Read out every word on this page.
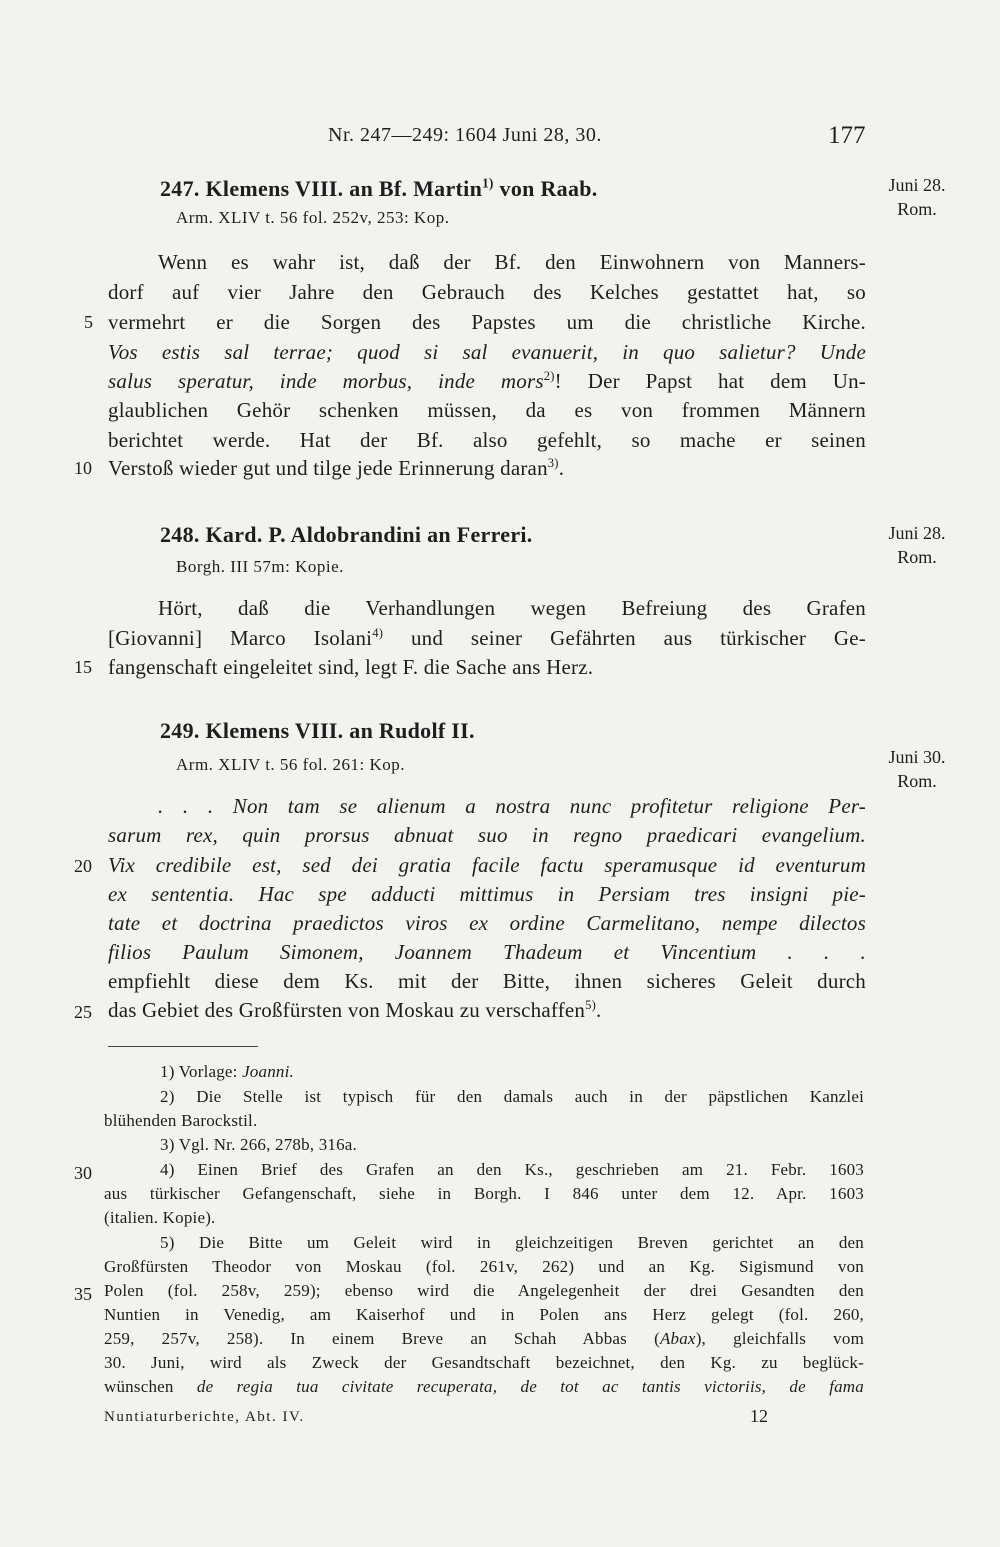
Nr. 247—249: 1604 Juni 28, 30.	177
247. Klemens VIII. an Bf. Martin$^{1)}$ von Raab.
Arm. XLIV t. 56 fol. 252v, 253: Kop.
Juni 28.
Rom.
Wenn es wahr ist, daß der Bf. den Einwohnern von Manners-
dorf auf vier Jahre den Gebrauch des Kelches gestattet hat, so
vermehrt er die Sorgen des Papstes um die christliche Kirche.
Vos estis sal terrae; quod si sal evanuerit, in quo salietur? Unde
salus speratur, inde morbus, inde mors$^{2)}$! Der Papst hat dem Un-
glaublichen Gehör schenken müssen, da es von frommen Männern
berichtet werde. Hat der Bf. also gefehlt, so mache er seinen
Verstoß wieder gut und tilge jede Erinnerung daran$^{3)}$.
248. Kard. P. Aldobrandini an Ferreri.
Borgh. III 57m: Kopie.
Juni 28.
Rom.
Hört, daß die Verhandlungen wegen Befreiung des Grafen
[Giovanni] Marco Isolani$^{4)}$ und seiner Gefährten aus türkischer Ge-
fangenschaft eingeleitet sind, legt F. die Sache ans Herz.
249. Klemens VIII. an Rudolf II.
Arm. XLIV t. 56 fol. 261: Kop.	Juni 30.
Rom.
. . . Non tam se alienum a nostra nunc profitetur religione Per-
sarum rex, quin prorsus abnuat suo in regno praedicari evangelium.
Vix credibile est, sed dei gratia facile factu speramusque id eventurum
ex sententia. Hac spe adducti mittimus in Persiam tres insigni pie-
tate et doctrina praedictos viros ex ordine Carmelitano, nempe dilectos
filios Paulum Simonem, Joannem Thadeum et Vincentium . . .
empfiehlt diese dem Ks. mit der Bitte, ihnen sicheres Geleit durch
das Gebiet des Großfürsten von Moskau zu verschaffen$^{5)}$.
5
10
15
20
25
30
35
1) Vorlage: Joanni.
2) Die Stelle ist typisch für den damals auch in der päpstlichen Kanzlei
blühenden Barockstil.
3) Vgl. Nr. 266, 278b, 316a.
4) Einen Brief des Grafen an den Ks., geschrieben am 21. Febr. 1603
aus türkischer Gefangenschaft, siehe in Borgh. I 846 unter dem 12. Apr. 1603
(italien. Kopie).
5) Die Bitte um Geleit wird in gleichzeitigen Breven gerichtet an den
Großfürsten Theodor von Moskau (fol. 261v, 262) und an Kg. Sigismund von
Polen (fol. 258v, 259); ebenso wird die Angelegenheit der drei Gesandten den
Nuntien in Venedig, am Kaiserhof und in Polen ans Herz gelegt (fol. 260,
259, 257v, 258). In einem Breve an Schah Abbas (Abax), gleichfalls vom
30. Juni, wird als Zweck der Gesandtschaft bezeichnet, den Kg. zu beglück-
wünschen de regia tua civitate recuperata, de tot ac tantis victoriis, de fama
Nuntiaturberichte, Abt. IV.	12
